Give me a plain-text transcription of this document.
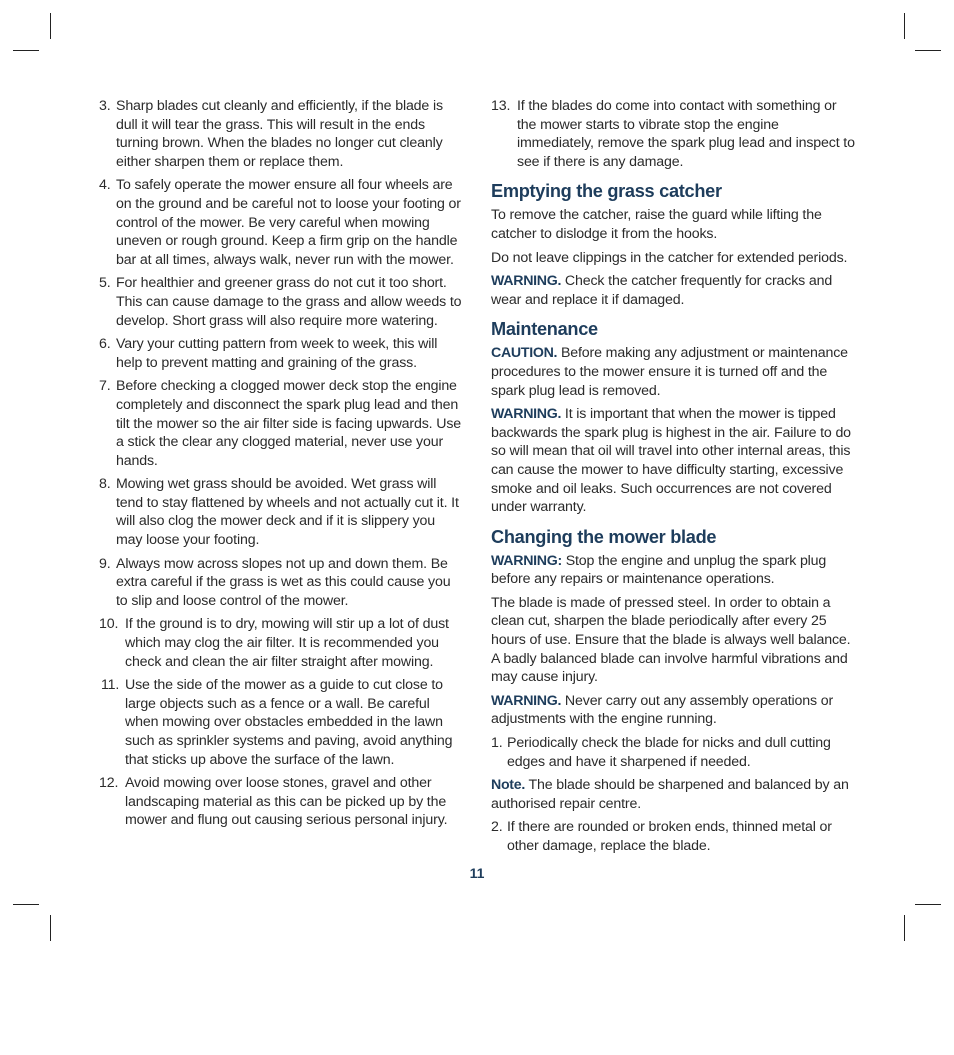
3. Sharp blades cut cleanly and efficiently, if the blade is dull it will tear the grass. This will result in the ends turning brown. When the blades no longer cut cleanly either sharpen them or replace them.
4. To safely operate the mower ensure all four wheels are on the ground and be careful not to loose your footing or control of the mower. Be very careful when mowing uneven or rough ground. Keep a firm grip on the handle bar at all times, always walk, never run with the mower.
5. For healthier and greener grass do not cut it too short. This can cause damage to the grass and allow weeds to develop. Short grass will also require more watering.
6. Vary your cutting pattern from week to week, this will help to prevent matting and graining of the grass.
7. Before checking a clogged mower deck stop the engine completely and disconnect the spark plug lead and then tilt the mower so the air filter side is facing upwards. Use a stick the clear any clogged material, never use your hands.
8. Mowing wet grass should be avoided. Wet grass will tend to stay flattened by wheels and not actually cut it. It will also clog the mower deck and if it is slippery you may loose your footing.
9. Always mow across slopes not up and down them. Be extra careful if the grass is wet as this could cause you to slip and loose control of the mower.
10. If the ground is to dry, mowing will stir up a lot of dust which may clog the air filter. It is recommended you check and clean the air filter straight after mowing.
11. Use the side of the mower as a guide to cut close to large objects such as a fence or a wall. Be careful when mowing over obstacles embedded in the lawn such as sprinkler systems and paving, avoid anything that sticks up above the surface of the lawn.
12. Avoid mowing over loose stones, gravel and other landscaping material as this can be picked up by the mower and flung out causing serious personal injury.
13. If the blades do come into contact with something or the mower starts to vibrate stop the engine immediately, remove the spark plug lead and inspect to see if there is any damage.
Emptying the grass catcher
To remove the catcher, raise the guard while lifting the catcher to dislodge it from the hooks.
Do not leave clippings in the catcher for extended periods.
WARNING. Check the catcher frequently for cracks and wear and replace it if damaged.
Maintenance
CAUTION. Before making any adjustment or maintenance procedures to the mower ensure it is turned off and the spark plug lead is removed.
WARNING. It is important that when the mower is tipped backwards the spark plug is highest in the air. Failure to do so will mean that oil will travel into other internal areas, this can cause the mower to have difficulty starting, excessive smoke and oil leaks. Such occurrences are not covered under warranty.
Changing the mower blade
WARNING: Stop the engine and unplug the spark plug before any repairs or maintenance operations.
The blade is made of pressed steel. In order to obtain a clean cut, sharpen the blade periodically after every 25 hours of use. Ensure that the blade is always well balance. A badly balanced blade can involve harmful vibrations and may cause injury.
WARNING. Never carry out any assembly operations or adjustments with the engine running.
1. Periodically check the blade for nicks and dull cutting edges and have it sharpened if needed.
Note. The blade should be sharpened and balanced by an authorised repair centre.
2. If there are rounded or broken ends, thinned metal or other damage, replace the blade.
11
